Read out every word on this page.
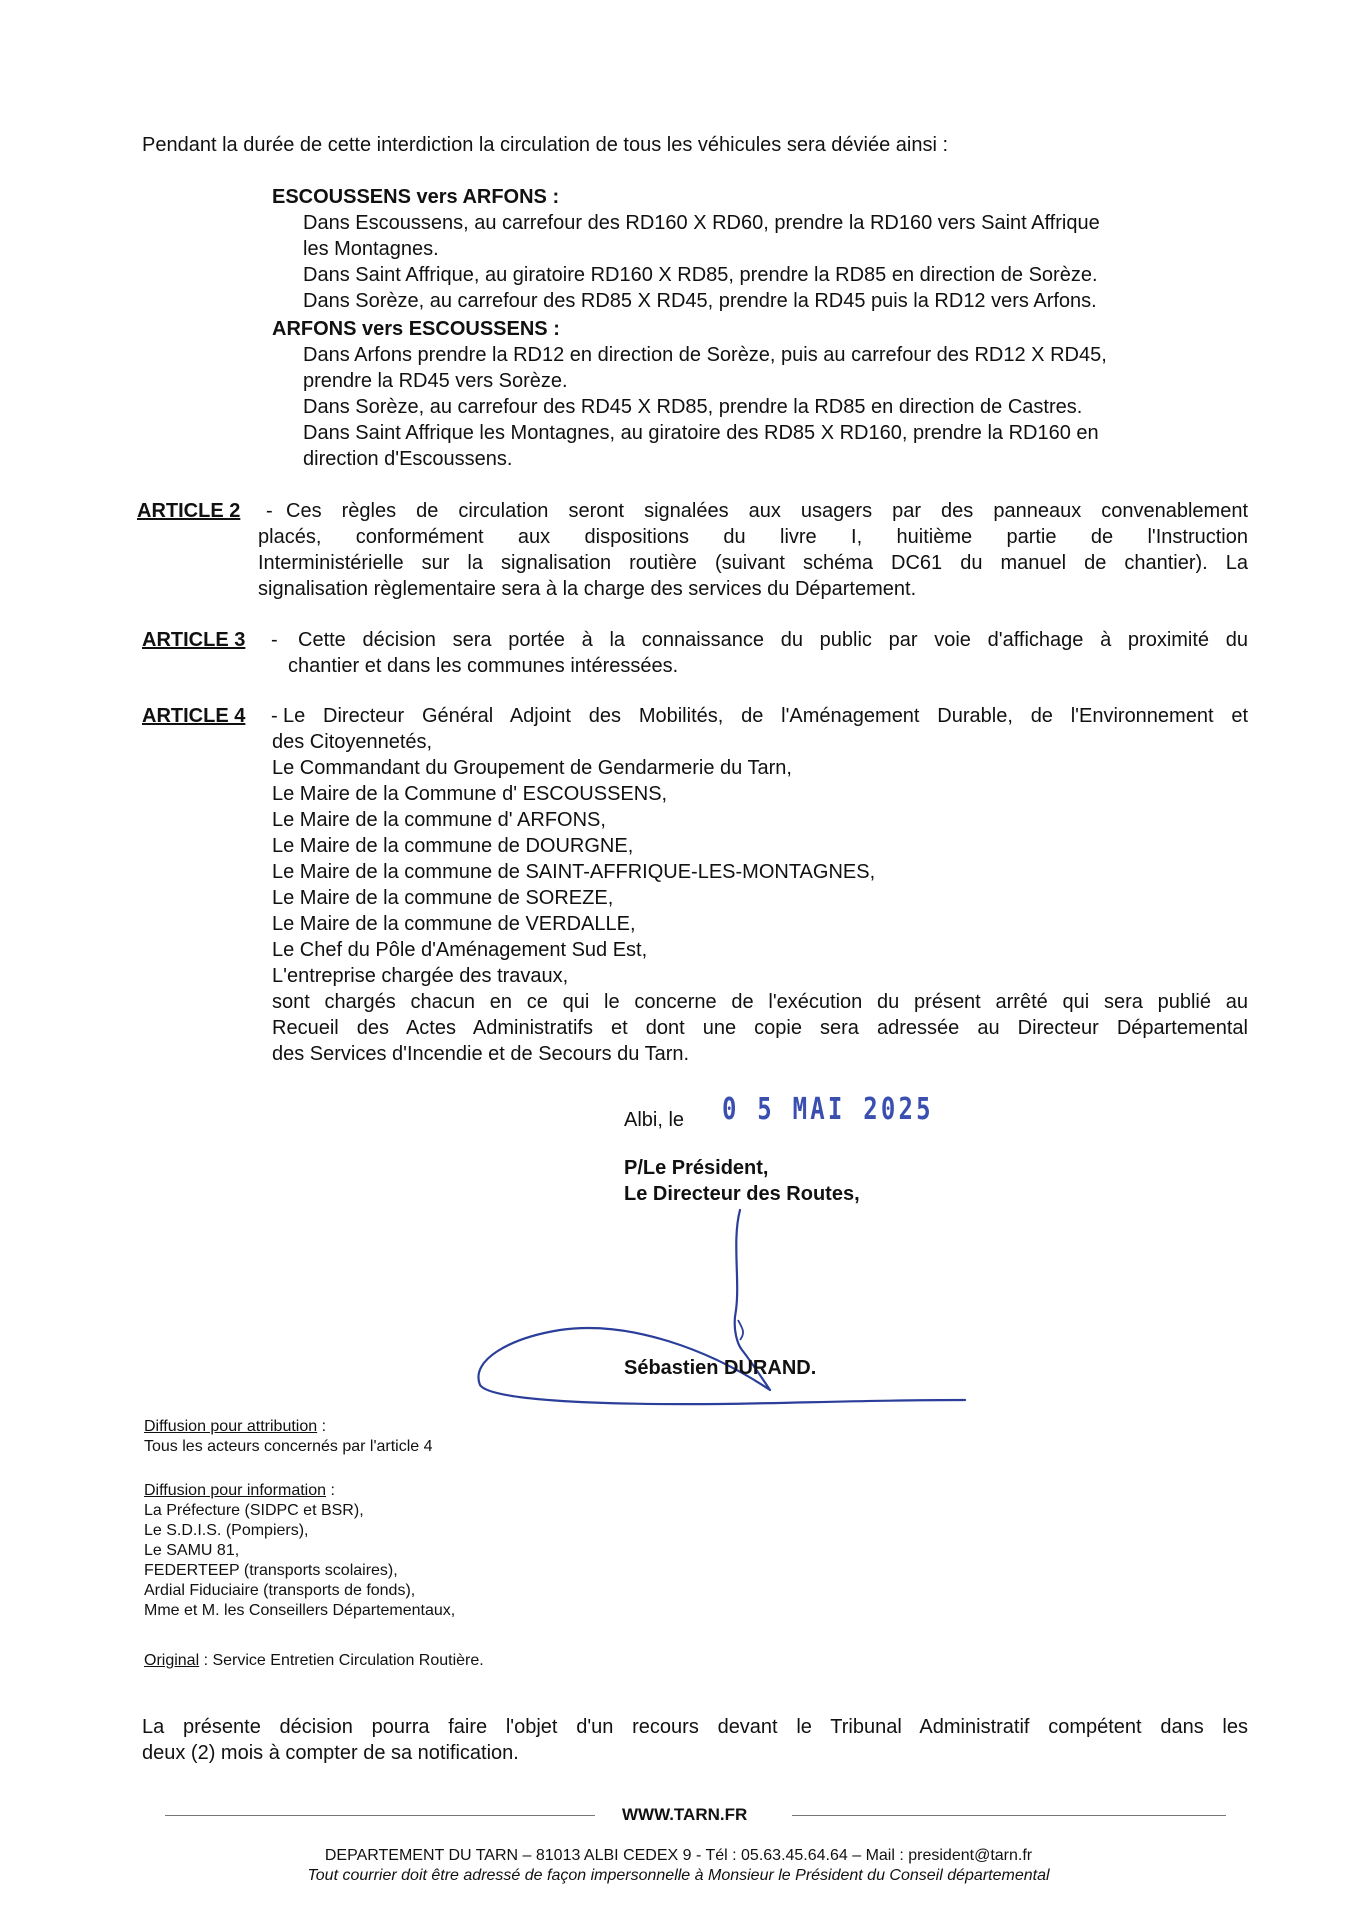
Pendant la durée de cette interdiction la circulation de tous les véhicules sera déviée ainsi :
ESCOUSSENS vers ARFONS :
Dans Escoussens, au carrefour des RD160 X RD60, prendre la RD160 vers Saint Affrique
les Montagnes.
Dans Saint Affrique, au giratoire RD160 X RD85, prendre la RD85 en direction de Sorèze.
Dans Sorèze, au carrefour des RD85 X RD45, prendre la RD45 puis la RD12 vers Arfons.
ARFONS vers ESCOUSSENS :
Dans Arfons prendre la RD12 en direction de Sorèze, puis au carrefour des RD12 X RD45,
prendre la RD45 vers Sorèze.
Dans Sorèze, au carrefour des RD45 X RD85, prendre la RD85 en direction de Castres.
Dans Saint Affrique les Montagnes, au giratoire des RD85 X RD160, prendre la RD160 en
direction d'Escoussens.
ARTICLE 2 - Ces règles de circulation seront signalées aux usagers par des panneaux convenablement
placés, conformément aux dispositions du livre I, huitième partie de l'Instruction
Interministérielle sur la signalisation routière (suivant schéma DC61 du manuel de chantier). La
signalisation règlementaire sera à la charge des services du Département.
ARTICLE 3 - Cette décision sera portée à la connaissance du public par voie d'affichage à proximité du
chantier et dans les communes intéressées.
ARTICLE 4 - Le Directeur Général Adjoint des Mobilités, de l'Aménagement Durable, de l'Environnement et
des Citoyennetés,
Le Commandant du Groupement de Gendarmerie du Tarn,
Le Maire de la Commune d' ESCOUSSENS,
Le Maire de la commune d' ARFONS,
Le Maire de la commune de DOURGNE,
Le Maire de la commune de SAINT-AFFRIQUE-LES-MONTAGNES,
Le Maire de la commune de SOREZE,
Le Maire de la commune de VERDALLE,
Le Chef du Pôle d'Aménagement Sud Est,
L'entreprise chargée des travaux,
sont chargés chacun en ce qui le concerne de l'exécution du présent arrêté qui sera publié au
Recueil des Actes Administratifs et dont une copie sera adressée au Directeur Départemental
des Services d'Incendie et de Secours du Tarn.
Albi, le 0 5 MAI 2025
P/Le Président,
Le Directeur des Routes,
Sébastien DURAND.
Diffusion pour attribution :
Tous les acteurs concernés par l'article 4
Diffusion pour information :
La Préfecture (SIDPC et BSR),
Le S.D.I.S. (Pompiers),
Le SAMU 81,
FEDERTEEP (transports scolaires),
Ardial Fiduciaire (transports de fonds),
Mme et M. les Conseillers Départementaux,
Original : Service Entretien Circulation Routière.
La présente décision pourra faire l'objet d'un recours devant le Tribunal Administratif compétent dans les
deux (2) mois à compter de sa notification.
WWW.TARN.FR
DEPARTEMENT DU TARN – 81013 ALBI CEDEX 9 - Tél : 05.63.45.64.64 – Mail : president@tarn.fr
Tout courrier doit être adressé de façon impersonnelle à Monsieur le Président du Conseil départemental
